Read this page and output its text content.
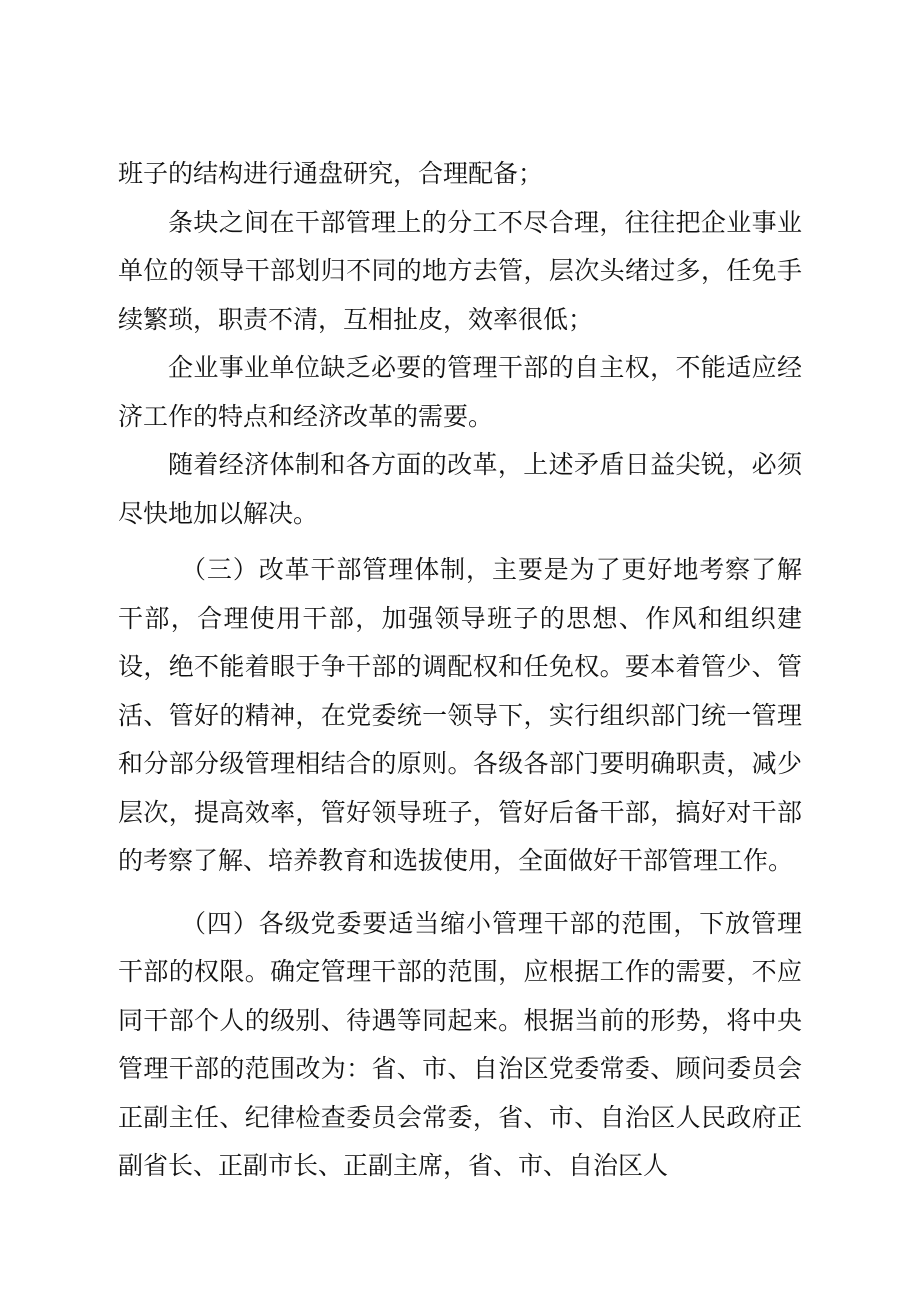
班子的结构进行通盘研究，合理配备；

条块之间在干部管理上的分工不尽合理，往往把企业事业单位的领导干部划归不同的地方去管，层次头绪过多，任免手续繁琐，职责不清，互相扯皮，效率很低；

企业事业单位缺乏必要的管理干部的自主权，不能适应经济工作的特点和经济改革的需要。

随着经济体制和各方面的改革，上述矛盾日益尖锐，必须尽快地加以解决。

（三）改革干部管理体制，主要是为了更好地考察了解干部，合理使用干部，加强领导班子的思想、作风和组织建设，绝不能着眼于争干部的调配权和任免权。要本着管少、管活、管好的精神，在党委统一领导下，实行组织部门统一管理和分部分级管理相结合的原则。各级各部门要明确职责，减少层次，提高效率，管好领导班子，管好后备干部，搞好对干部的考察了解、培养教育和选拔使用，全面做好干部管理工作。

（四）各级党委要适当缩小管理干部的范围，下放管理干部的权限。确定管理干部的范围，应根据工作的需要，不应同干部个人的级别、待遇等同起来。根据当前的形势，将中央管理干部的范围改为：省、市、自治区党委常委、顾问委员会正副主任、纪律检查委员会常委，省、市、自治区人民政府正副省长、正副市长、正副主席，省、市、自治区人
